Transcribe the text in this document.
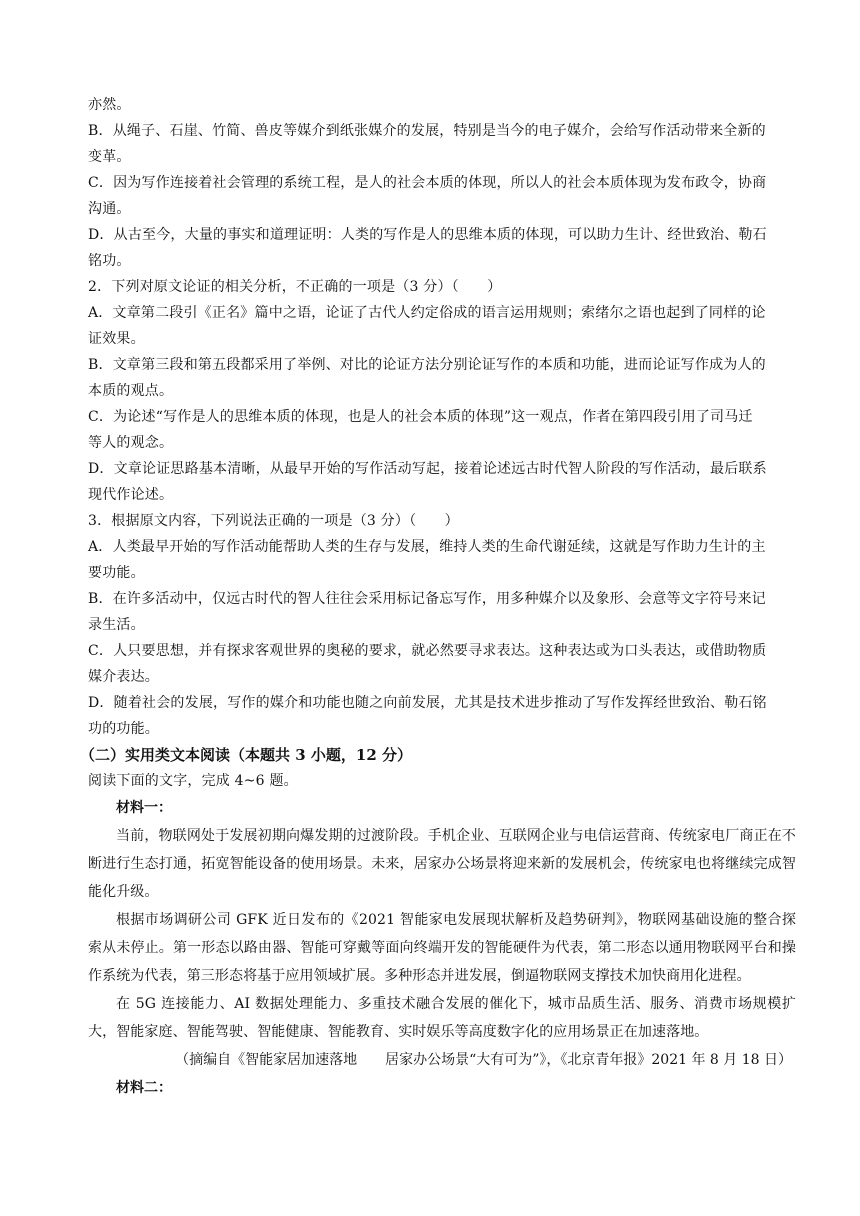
亦然。
B．从绳子、石崖、竹简、兽皮等媒介到纸张媒介的发展，特别是当今的电子媒介，会给写作活动带来全新的
变革。
C．因为写作连接着社会管理的系统工程，是人的社会本质的体现，所以人的社会本质体现为发布政令，协商
沟通。
D．从古至今，大量的事实和道理证明：人类的写作是人的思维本质的体现，可以助力生计、经世致治、勒石
铭功。
2．下列对原文论证的相关分析，不正确的一项是（3 分）（　　）
A．文章第二段引《正名》篇中之语，论证了古代人约定俗成的语言运用规则；索绪尔之语也起到了同样的论
证效果。
B．文章第三段和第五段都采用了举例、对比的论证方法分别论证写作的本质和功能，进而论证写作成为人的
本质的观点。
C．为论述“写作是人的思维本质的体现，也是人的社会本质的体现”这一观点，作者在第四段引用了司马迁
等人的观念。
D．文章论证思路基本清晰，从最早开始的写作活动写起，接着论述远古时代智人阶段的写作活动，最后联系
现代作论述。
3．根据原文内容，下列说法正确的一项是（3 分）（　　）
A．人类最早开始的写作活动能帮助人类的生存与发展，维持人类的生命代谢延续，这就是写作助力生计的主
要功能。
B．在许多活动中，仅远古时代的智人往往会采用标记备忘写作，用多种媒介以及象形、会意等文字符号来记
录生活。
C．人只要思想，并有探求客观世界的奥秘的要求，就必然要寻求表达。这种表达或为口头表达，或借助物质
媒介表达。
D．随着社会的发展，写作的媒介和功能也随之向前发展，尤其是技术进步推动了写作发挥经世致治、勒石铭
功的功能。
（二）实用类文本阅读（本题共 3 小题，12 分）
阅读下面的文字，完成 4~6 题。
材料一：
当前，物联网处于发展初期向爆发期的过渡阶段。手机企业、互联网企业与电信运营商、传统家电厂商正在不断进行生态打通，拓宽智能设备的使用场景。未来，居家办公场景将迎来新的发展机会，传统家电也将继续完成智能化升级。
根据市场调研公司 GFK 近日发布的《2021 智能家电发展现状解析及趋势研判》，物联网基础设施的整合探索从未停止。第一形态以路由器、智能可穿戴等面向终端开发的智能硬件为代表，第二形态以通用物联网平台和操作系统为代表，第三形态将基于应用领域扩展。多种形态并进发展，倒逼物联网支撑技术加快商用化进程。
在 5G 连接能力、AI 数据处理能力、多重技术融合发展的催化下，城市品质生活、服务、消费市场规模扩大，智能家庭、智能驾驶、智能健康、智能教育、实时娱乐等高度数字化的应用场景正在加速落地。
（摘编自《智能家居加速落地　　居家办公场景“大有可为”》，《北京青年报》2021 年 8 月 18 日）
材料二：
